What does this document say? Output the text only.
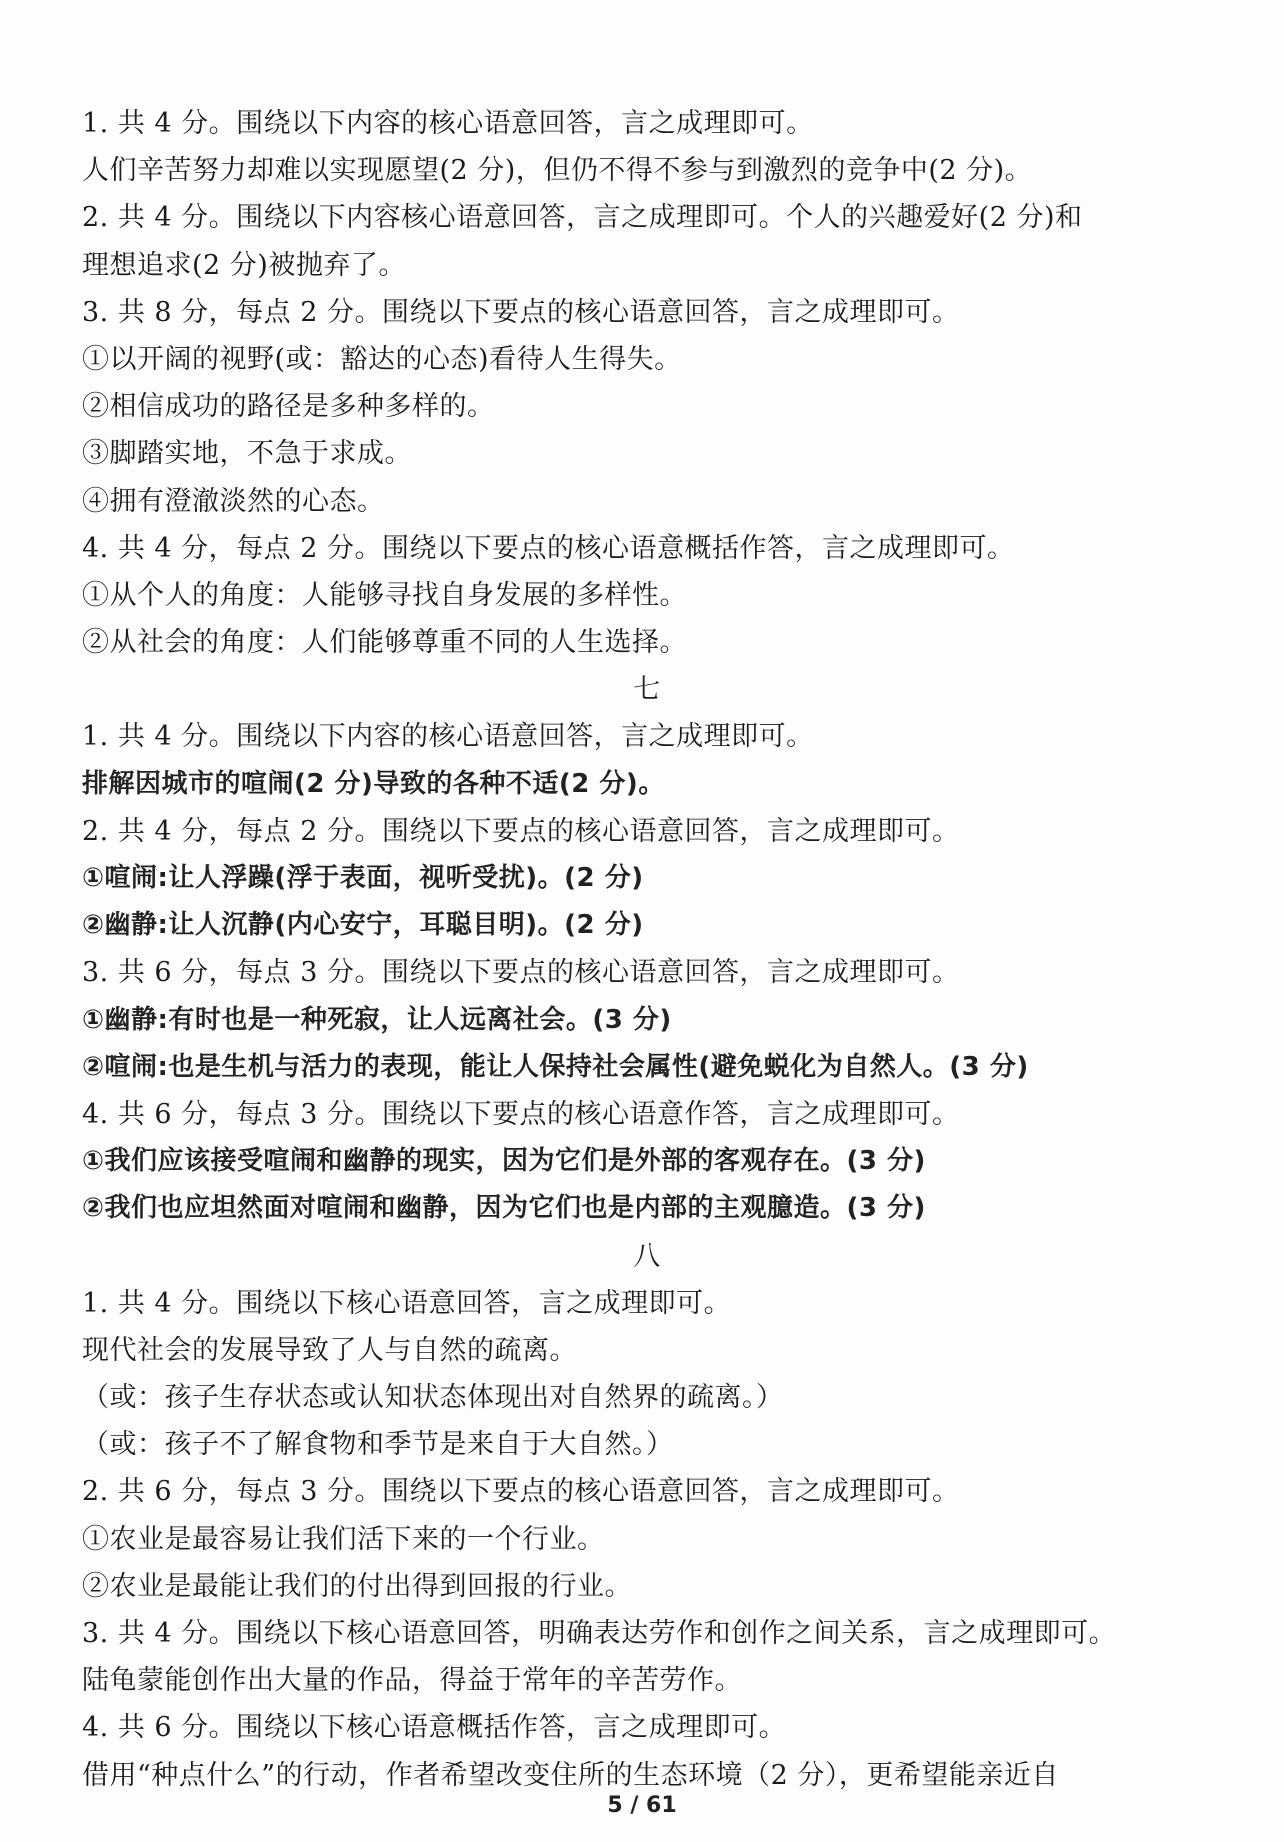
1. 共 4 分。围绕以下内容的核心语意回答，言之成理即可。
人们辛苦努力却难以实现愿望(2 分)，但仍不得不参与到激烈的竞争中(2 分)。
2. 共 4 分。围绕以下内容核心语意回答，言之成理即可。个人的兴趣爱好(2 分)和
理想追求(2 分)被抛弃了。
3. 共 8 分，每点 2 分。围绕以下要点的核心语意回答，言之成理即可。
①以开阔的视野(或：豁达的心态)看待人生得失。
②相信成功的路径是多种多样的。
③脚踏实地，不急于求成。
④拥有澄澈淡然的心态。
4. 共 4 分，每点 2 分。围绕以下要点的核心语意概括作答，言之成理即可。
①从个人的角度：人能够寻找自身发展的多样性。
②从社会的角度：人们能够尊重不同的人生选择。
七
1. 共 4 分。围绕以下内容的核心语意回答，言之成理即可。
排解因城市的喧闹(2 分)导致的各种不适(2 分)。
2. 共 4 分，每点 2 分。围绕以下要点的核心语意回答，言之成理即可。
①喧闹:让人浮躁(浮于表面，视听受扰)。(2 分)
②幽静:让人沉静(内心安宁，耳聪目明)。(2 分)
3. 共 6 分，每点 3 分。围绕以下要点的核心语意回答，言之成理即可。
①幽静:有时也是一种死寂，让人远离社会。(3 分)
②喧闹:也是生机与活力的表现，能让人保持社会属性(避免蜕化为自然人。(3 分)
4. 共 6 分，每点 3 分。围绕以下要点的核心语意作答，言之成理即可。
①我们应该接受喧闹和幽静的现实，因为它们是外部的客观存在。(3 分)
②我们也应坦然面对喧闹和幽静，因为它们也是内部的主观臆造。(3 分)
八
1. 共 4 分。围绕以下核心语意回答，言之成理即可。
现代社会的发展导致了人与自然的疏离。
（或：孩子生存状态或认知状态体现出对自然界的疏离。）
（或：孩子不了解食物和季节是来自于大自然。）
2. 共 6 分，每点 3 分。围绕以下要点的核心语意回答，言之成理即可。
①农业是最容易让我们活下来的一个行业。
②农业是最能让我们的付出得到回报的行业。
3. 共 4 分。围绕以下核心语意回答，明确表达劳作和创作之间关系，言之成理即可。
陆龟蒙能创作出大量的作品，得益于常年的辛苦劳作。
4. 共 6 分。围绕以下核心语意概括作答，言之成理即可。
借用“种点什么”的行动，作者希望改变住所的生态环境（2 分），更希望能亲近自
5 / 61
